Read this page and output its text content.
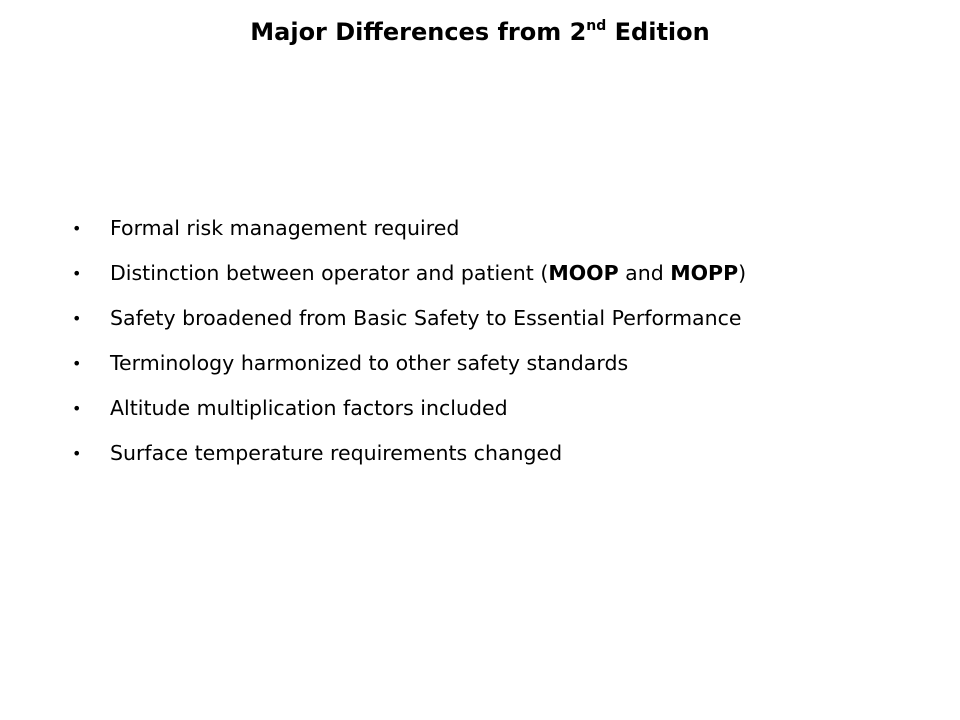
Major Differences from 2nd Edition
• Formal risk management required
• Distinction between operator and patient (MOOP and MOPP)
• Safety broadened from Basic Safety to Essential Performance
• Terminology harmonized to other safety standards
• Altitude multiplication factors included
• Surface temperature requirements changed
